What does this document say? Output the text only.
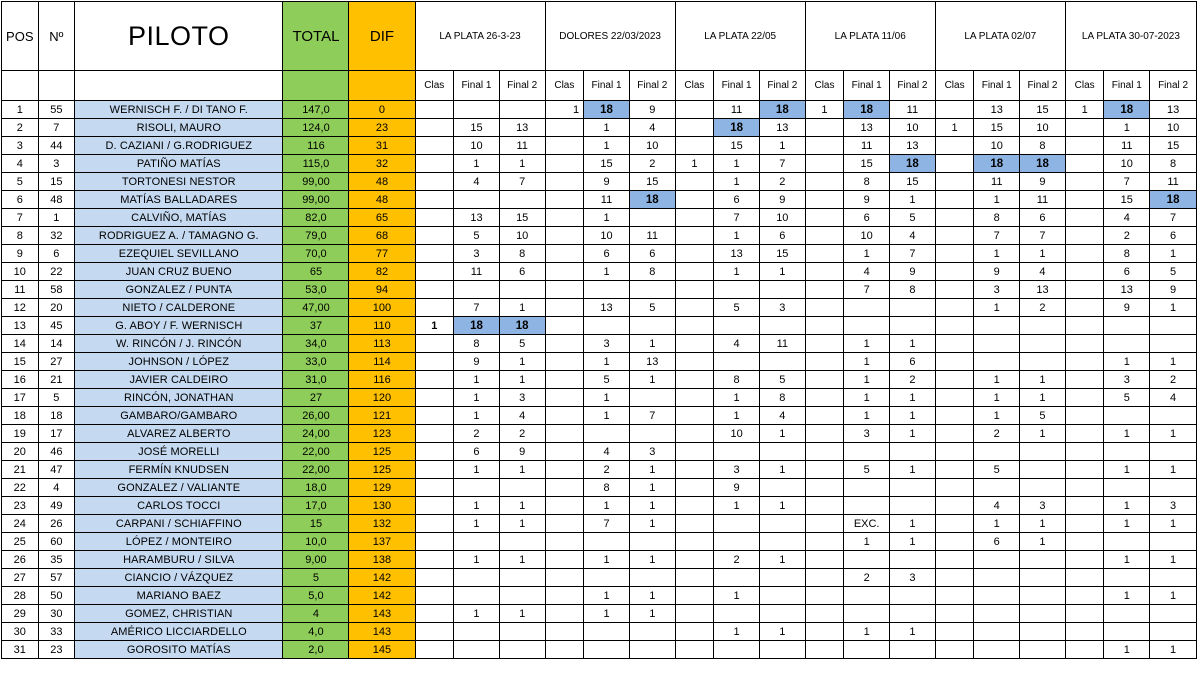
POS	Nº	PILOTO	TOTAL	DIF	LA PLATA 26-3-23			DOLORES 22/03/2023			LA PLATA 22/05			LA PLATA 11/06			LA PLATA 02/07			LA PLATA 30-07-2023		
					Clas	Final 1	Final 2	Clas	Final 1	Final 2	Clas	Final 1	Final 2	Clas	Final 1	Final 2	Clas	Final 1	Final 2	Clas	Final 1	Final 2
1	55	WERNISCH F. / DI TANO F.	147,0	0				1	18	9		11	18	1	18	11		13	15	1	18	13
2	7	RISOLI, MAURO	124,0	23		15	13		1	4		18	13		13	10	1	15	10		1	10
3	44	D. CAZIANI / G.RODRIGUEZ	116	31		10	11		1	10		15	1		11	13		10	8		11	15
4	3	PATIÑO MATÍAS	115,0	32		1	1		15	2	1	1	7		15	18		18	18		10	8
5	15	TORTONESI NESTOR	99,00	48		4	7		9	15		1	2		8	15		11	9		7	11
6	48	MATÍAS BALLADARES	99,00	48					11	18		6	9		9	1		1	11		15	18
7	1	CALVIÑO, MATÍAS	82,0	65		13	15		1			7	10		6	5		8	6		4	7
8	32	RODRIGUEZ A. / TAMAGNO G.	79,0	68		5	10		10	11		1	6		10	4		7	7		2	6
9	6	EZEQUIEL SEVILLANO	70,0	77		3	8		6	6		13	15		1	7		1	1		8	1
10	22	JUAN CRUZ BUENO	65	82		11	6		1	8		1	1		4	9		9	4		6	5
11	58	GONZALEZ / PUNTA	53,0	94											7	8		3	13		13	9
12	20	NIETO / CALDERONE	47,00	100		7	1		13	5		5	3					1	2		9	1
13	45	G. ABOY / F. WERNISCH	37	110	1	18	18															
14	14	W. RINCÓN / J. RINCÓN	34,0	113		8	5		3	1		4	11		1	1						
15	27	JOHNSON / LÓPEZ	33,0	114		9	1		1	13					1	6					1	1
16	21	JAVIER CALDEIRO	31,0	116		1	1		5	1		8	5		1	2		1	1		3	2
17	5	RINCÓN, JONATHAN	27	120		1	3		1			1	8		1	1		1	1		5	4
18	18	GAMBARO/GAMBARO	26,00	121		1	4		1	7		1	4		1	1		1	5			
19	17	ALVAREZ ALBERTO	24,00	123		2	2					10	1		3	1		2	1		1	1
20	46	JOSÉ MORELLI	22,00	125		6	9		4	3												
21	47	FERMÍN KNUDSEN	22,00	125		1	1		2	1		3	1		5	1		5			1	1
22	4	GONZALEZ / VALIANTE	18,0	129					8	1		9										
23	49	CARLOS TOCCI	17,0	130		1	1		1	1		1	1					4	3		1	3
24	26	CARPANI / SCHIAFFINO	15	132		1	1		7	1					EXC.	1		1	1		1	1
25	60	LÓPEZ / MONTEIRO	10,0	137											1	1		6	1			
26	35	HARAMBURU / SILVA	9,00	138		1	1		1	1		2	1								1	1
27	57	CIANCIO / VÁZQUEZ	5	142											2	3						
28	50	MARIANO BAEZ	5,0	142					1	1		1									1	1
29	30	GOMEZ, CHRISTIAN	4	143		1	1		1	1												
30	33	AMÉRICO LICCIARDELLO	4,0	143								1	1		1	1						
31	23	GOROSITO MATÍAS	2,0	145																	1	1
